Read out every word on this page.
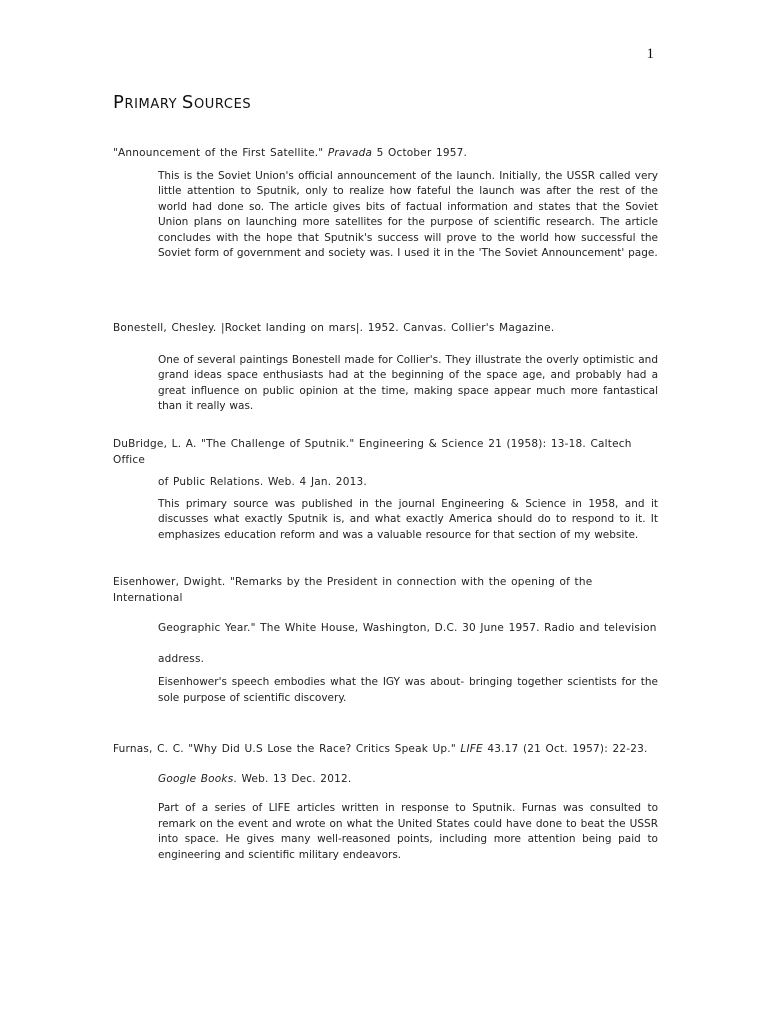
1
PRIMARY SOURCES

"Announcement of the First Satellite." Pravada 5 October 1957.

This is the Soviet Union's official announcement of the launch. Initially, the USSR called very little attention to Sputnik, only to realize how fateful the launch was after the rest of the world had done so. The article gives bits of factual information and states that the Soviet Union plans on launching more satellites for the purpose of scientific research. The article concludes with the hope that Sputnik's success will prove to the world how successful the Soviet form of government and society was. I used it in the 'The Soviet Announcement' page.

Bonestell, Chesley. |Rocket landing on mars|. 1952. Canvas. Collier's Magazine.

One of several paintings Bonestell made for Collier's. They illustrate the overly optimistic and grand ideas space enthusiasts had at the beginning of the space age, and probably had a great influence on public opinion at the time, making space appear much more fantastical than it really was.

DuBridge, L. A. "The Challenge of Sputnik." Engineering & Science 21 (1958): 13-18. Caltech Office
of Public Relations. Web. 4 Jan. 2013.

This primary source was published in the journal Engineering & Science in 1958, and it discusses what exactly Sputnik is, and what exactly America should do to respond to it. It emphasizes education reform and was a valuable resource for that section of my website.

Eisenhower, Dwight. "Remarks by the President in connection with the opening of the International
Geographic Year." The White House, Washington, D.C. 30 June 1957. Radio and television
address.

Eisenhower's speech embodies what the IGY was about- bringing together scientists for the sole purpose of scientific discovery.

Furnas, C. C. "Why Did U.S Lose the Race? Critics Speak Up." LIFE 43.17 (21 Oct. 1957): 22-23.
Google Books. Web. 13 Dec. 2012.

Part of a series of LIFE articles written in response to Sputnik. Furnas was consulted to remark on the event and wrote on what the United States could have done to beat the USSR into space. He gives many well-reasoned points, including more attention being paid to engineering and scientific military endeavors.
